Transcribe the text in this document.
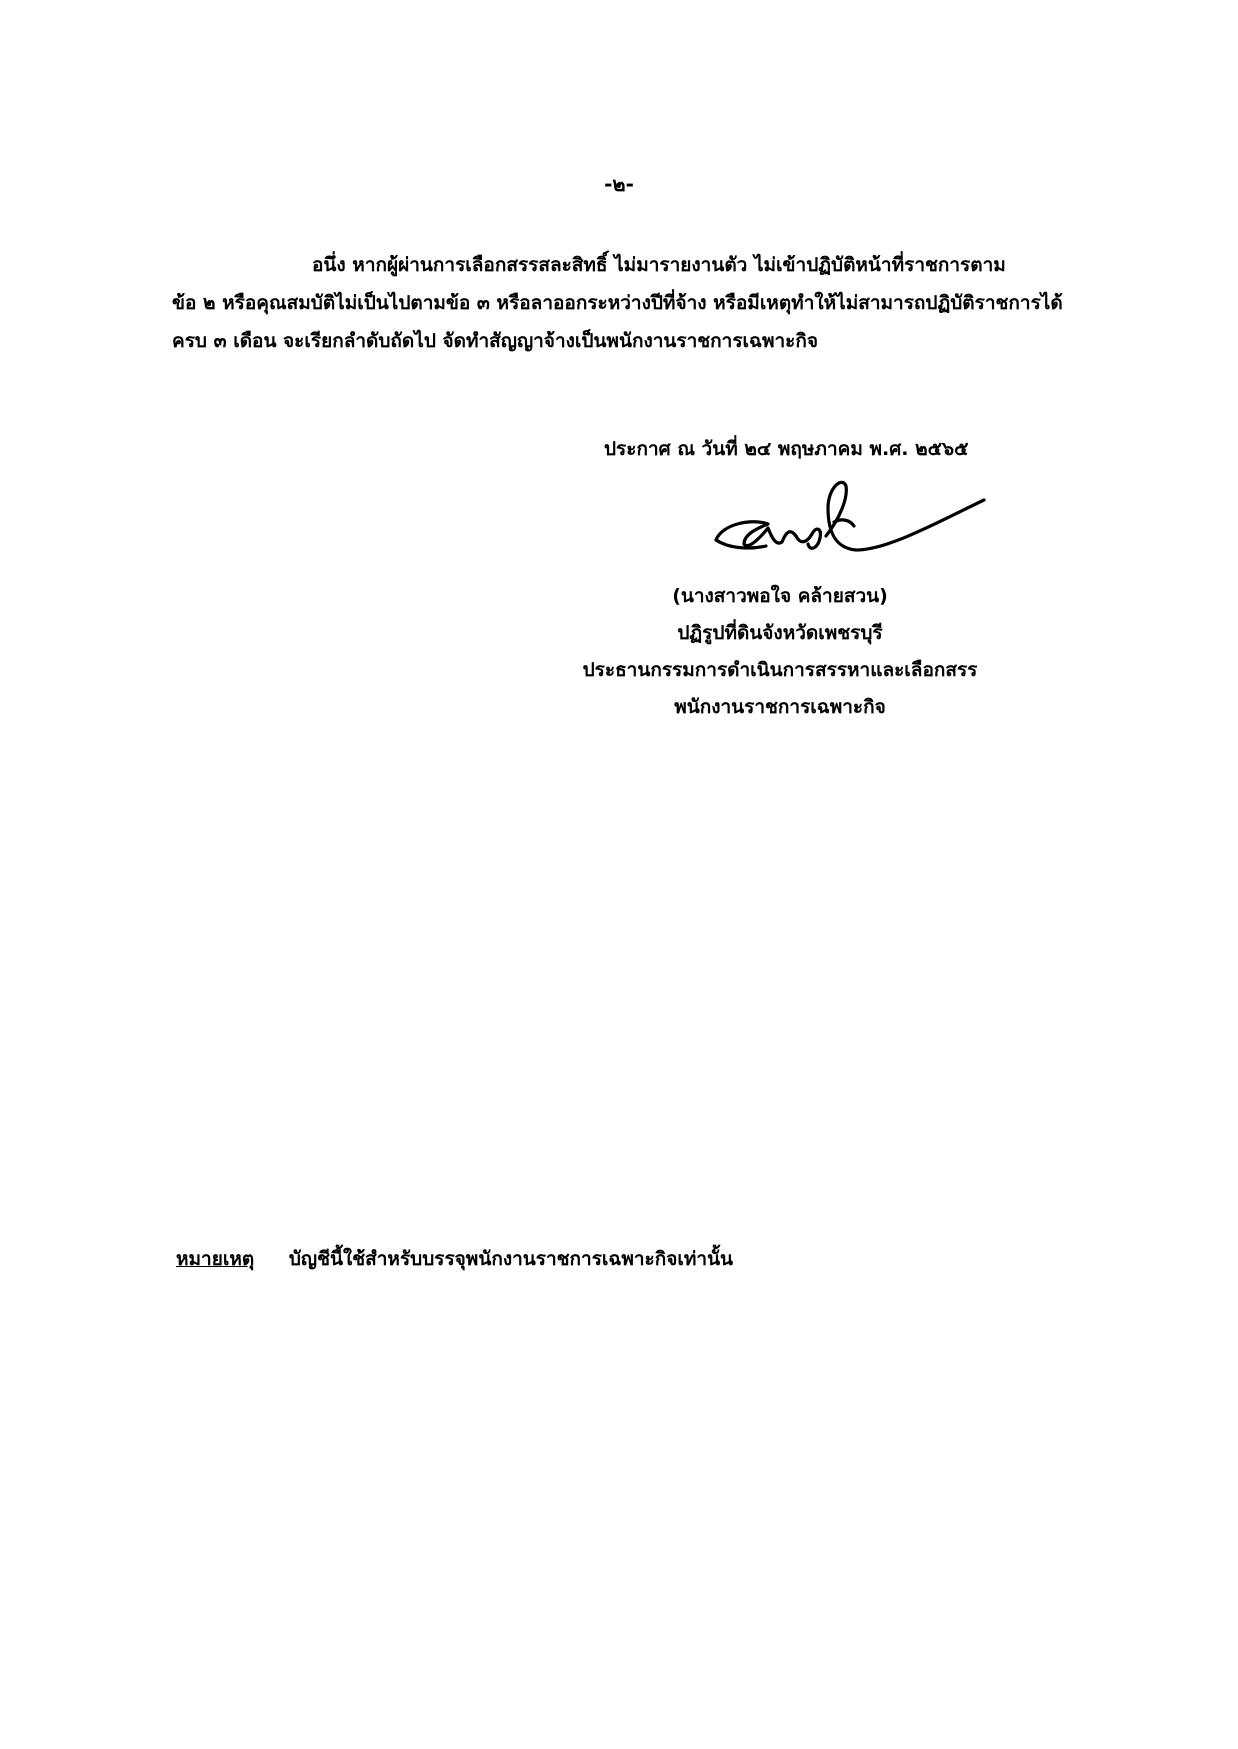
-๒-
อนึ่ง หากผู้ผ่านการเลือกสรรสละสิทธิ์ ไม่มารายงานตัว ไม่เข้าปฏิบัติหน้าที่ราชการตาม
ข้อ ๒ หรือคุณสมบัติไม่เป็นไปตามข้อ ๓ หรือลาออกระหว่างปีที่จ้าง หรือมีเหตุทำให้ไม่สามารถปฏิบัติราชการได้
ครบ ๓ เดือน จะเรียกลำดับถัดไป จัดทำสัญญาจ้างเป็นพนักงานราชการเฉพาะกิจ
ประกาศ ณ วันที่ ๒๔ พฤษภาคม พ.ศ. ๒๕๖๕
(นางสาวพอใจ คล้ายสวน)
ปฏิรูปที่ดินจังหวัดเพชรบุรี
ประธานกรรมการดำเนินการสรรหาและเลือกสรร
พนักงานราชการเฉพาะกิจ
หมายเหตุ บัญชีนี้ใช้สำหรับบรรจุพนักงานราชการเฉพาะกิจเท่านั้น
